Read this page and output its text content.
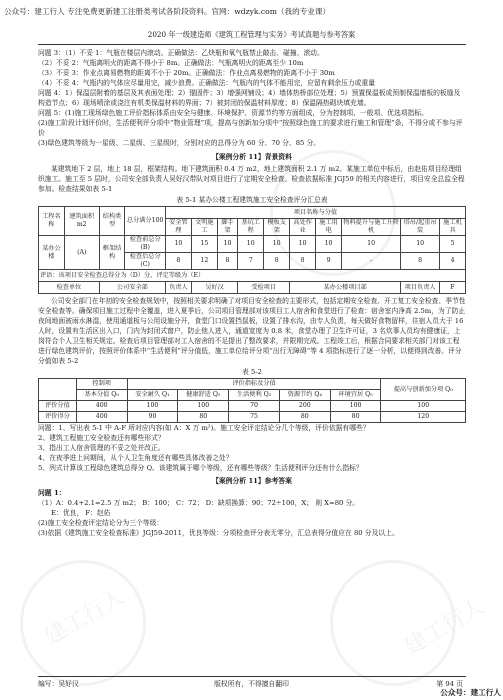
建工行人	建工行人
公众号：建工行人 专注免费更新建工注册类考试各阶段资料。官网：wdzyk.com（我的专业课）
2020 年一级建造师《建筑工程管理与实务》考试真题与参考答案

问题 3：（1）不妥 1：气瓶在楼层内滚动。正确做法：乙炔瓶和氧气瓶禁止敲击、碰撞、滚动。

（2）不妥 2：气瓶离明火的距离不得小于 8m。正确做法：气瓶离明火的距离至少 10m

（3）不妥 3：作业点离易燃物的距离不小于 20m。正确做法：作业点离易燃物的距离不小于 30m

（4）不妥 4：气瓶内的气体应尽量用完，减少浪费。正确做法：气瓶内的气体不能用完，应留有剩余压力或重量

问题 4：1）保温层附着的基层及其表面处理；2）锚固件；3）增强网铺设；4）墙体热桥部位处理；5）预置保温板或预制保温墙板的板缝及构造节点；6）现场喷涂或浇注有机类保温材料的界面；7）被封闭的保温材料厚度；8）保温隔热砌块填充墙。

问题 5：(1)施工现场绿色施工评价指标体系由安全与健康、环境保护、资源节约等方面组成，分为控制项、一般项、优选项指标。

(2)施工阶段计划评价时，生活便利评分项中“物业管理”项，提高与创新加分项中“按照绿色施工的要求进行施工和管理”条，不得分或不参与评价

(3)绿色建筑等级为一星级、二星级、三星级时，分别对应的总得分为 60 分、70 分、85 分。

【案例分析 11】背景资料

某建筑地下 2 层，地上 18 层，框架结构。地下建筑面积 0.4 万 m2，地上建筑面积 2.1 万 m2。某施工单位中标后，由赵佑项目经理组织施工。施工至 5 层时，公司安全部负责人吴好汉带队对项目进行了定期安全检查。检查依据标准 JGJ59 的相关内容进行，项目安全总监全程参加。检查结果如表 5-1

表 5-1 某办公楼工程建筑施工安全检查评分汇总表

工程名称	建筑面积m2	结构类型	总分满分100	项目名称与分值									
				安全管理	文明施工	脚手架	基坑工程	模板支架	高处作业	施工用电	物料提升与施工升降机	塔吊/起重吊装	施工机具
某办公楼	(A)	框架结构	检查前总分(B)	10	15	10	10	10	10	10	10	10	5
			检查后总分(C)	8	12	8	7	8	8	9	-	8	4
评语：该项目安全检查总得分为（D）分，评定等级为（E）													
检查单位		公司安全部		负责人	吴好汉		受检项目		某办公楼项目部			项目负责人	F

公司安全部门在年初的安全检查规划中，按照相关要求明确了对项目安全检查的主要形式，包括定期安全检查、开工复工安全检查、季节性安全检查等。确保项目施工过程中全覆盖，进入夏季后，公司项目管理部对该项目工人宿舍和食堂进行了检查：宿舍室内净高 2.5m，为了防止夜间地面被雨水淋湿，使用通道板与公用设施分开，食堂门口设置挡鼠板，设置了排水沟，由专人负责，每天做好食物留样，住宿人员大于 16 人时，设置有生活区出入口，门内为封闭式窗户，防止他人进入，通道宽度为 0.8 米，食堂办理了卫生许可证，3 名炊事人员均有健康证，上岗符合个人卫生相关规定。检查后项目管理部对工人宿舍的不足提出了整改要求，并限期完成。工程竣工后，根据合同要求相关部门对该工程进行绿色建筑评价，按照评价体系中“生活便利”评分值低，施工单位给评分项“出行无障碍”等 4 项指标进行了逐一分析，以便得到改善。评分分值如表 5-2

表 5-2

	控制项	评价指标及分值					提高与创新加分项 Q₀
	基本分值 Q₀	安全耐久 Q₁	健康舒适 Q₂	生活便利 Q₃	资源节约 Q₄	环境宜居 Q₅	
评价分值	400	100	100	70	200	100	100
评价得分	400	90	80	75	80	80	120

问题：1、写出表 5-1 中 A-F 所对应内容(如 A：X 万 m²)。施工安全评定结论分几个等级，评价依据有哪些？

2、建筑工程施工安全检查还有哪些形式？

3、指出工人宿舍管理的不妥之处并改正。

4、在夜季进上问期间，从个人卫生角度还有哪些具体改善之处？

5、列式计算该工程绿色建筑总得分 Q。该建筑属于哪个等级，还有哪些等级？生活便利评分还有什么指标？

【案例分析 11】参考答案

问题 1：

（1）A：0.4+2.1=2.5 万 m2； B：100； C：72； D：缺项换算：90；72÷100，X； 则 X=80 分。

E：优良， F：赵佑

(2)施工安全检查评定结论分为三个等级：

(3)依据《建筑施工安全检查标准》JGJ59-2011，优良等级：分项检查评分表无零分，汇总表得分值应在 80 分及以上。

编写：吴好汉	版权所有，不得擅自翻印	第 94 页
公众号：建工行人
